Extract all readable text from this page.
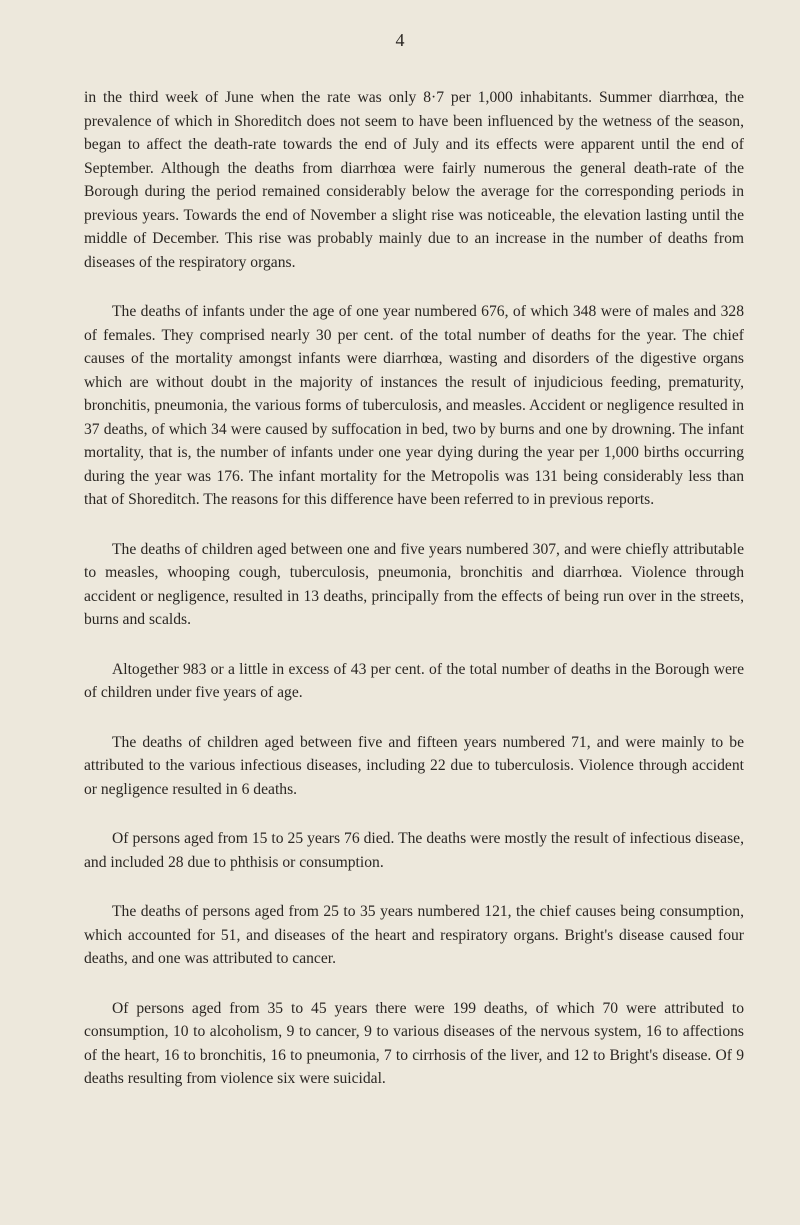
4

in the third week of June when the rate was only 8·7 per 1,000 inhabitants. Summer diarrhœa, the prevalence of which in Shoreditch does not seem to have been influenced by the wetness of the season, began to affect the death-rate towards the end of July and its effects were apparent until the end of September. Although the deaths from diarrhœa were fairly numerous the general death-rate of the Borough during the period remained considerably below the average for the corresponding periods in previous years. Towards the end of November a slight rise was noticeable, the elevation lasting until the middle of December. This rise was probably mainly due to an increase in the number of deaths from diseases of the respiratory organs.

The deaths of infants under the age of one year numbered 676, of which 348 were of males and 328 of females. They comprised nearly 30 per cent. of the total number of deaths for the year. The chief causes of the mortality amongst infants were diarrhœa, wasting and disorders of the digestive organs which are without doubt in the majority of instances the result of injudicious feeding, prematurity, bronchitis, pneumonia, the various forms of tuberculosis, and measles. Accident or negligence resulted in 37 deaths, of which 34 were caused by suffocation in bed, two by burns and one by drowning. The infant mortality, that is, the number of infants under one year dying during the year per 1,000 births occurring during the year was 176. The infant mortality for the Metropolis was 131 being considerably less than that of Shoreditch. The reasons for this difference have been referred to in previous reports.

The deaths of children aged between one and five years numbered 307, and were chiefly attributable to measles, whooping cough, tuberculosis, pneumonia, bronchitis and diarrhœa. Violence through accident or negligence, resulted in 13 deaths, principally from the effects of being run over in the streets, burns and scalds.

Altogether 983 or a little in excess of 43 per cent. of the total number of deaths in the Borough were of children under five years of age.

The deaths of children aged between five and fifteen years numbered 71, and were mainly to be attributed to the various infectious diseases, including 22 due to tuberculosis. Violence through accident or negligence resulted in 6 deaths.

Of persons aged from 15 to 25 years 76 died. The deaths were mostly the result of infectious disease, and included 28 due to phthisis or consumption.

The deaths of persons aged from 25 to 35 years numbered 121, the chief causes being consumption, which accounted for 51, and diseases of the heart and respiratory organs. Bright's disease caused four deaths, and one was attributed to cancer.

Of persons aged from 35 to 45 years there were 199 deaths, of which 70 were attributed to consumption, 10 to alcoholism, 9 to cancer, 9 to various diseases of the nervous system, 16 to affections of the heart, 16 to bronchitis, 16 to pneumonia, 7 to cirrhosis of the liver, and 12 to Bright's disease. Of 9 deaths resulting from violence six were suicidal.
